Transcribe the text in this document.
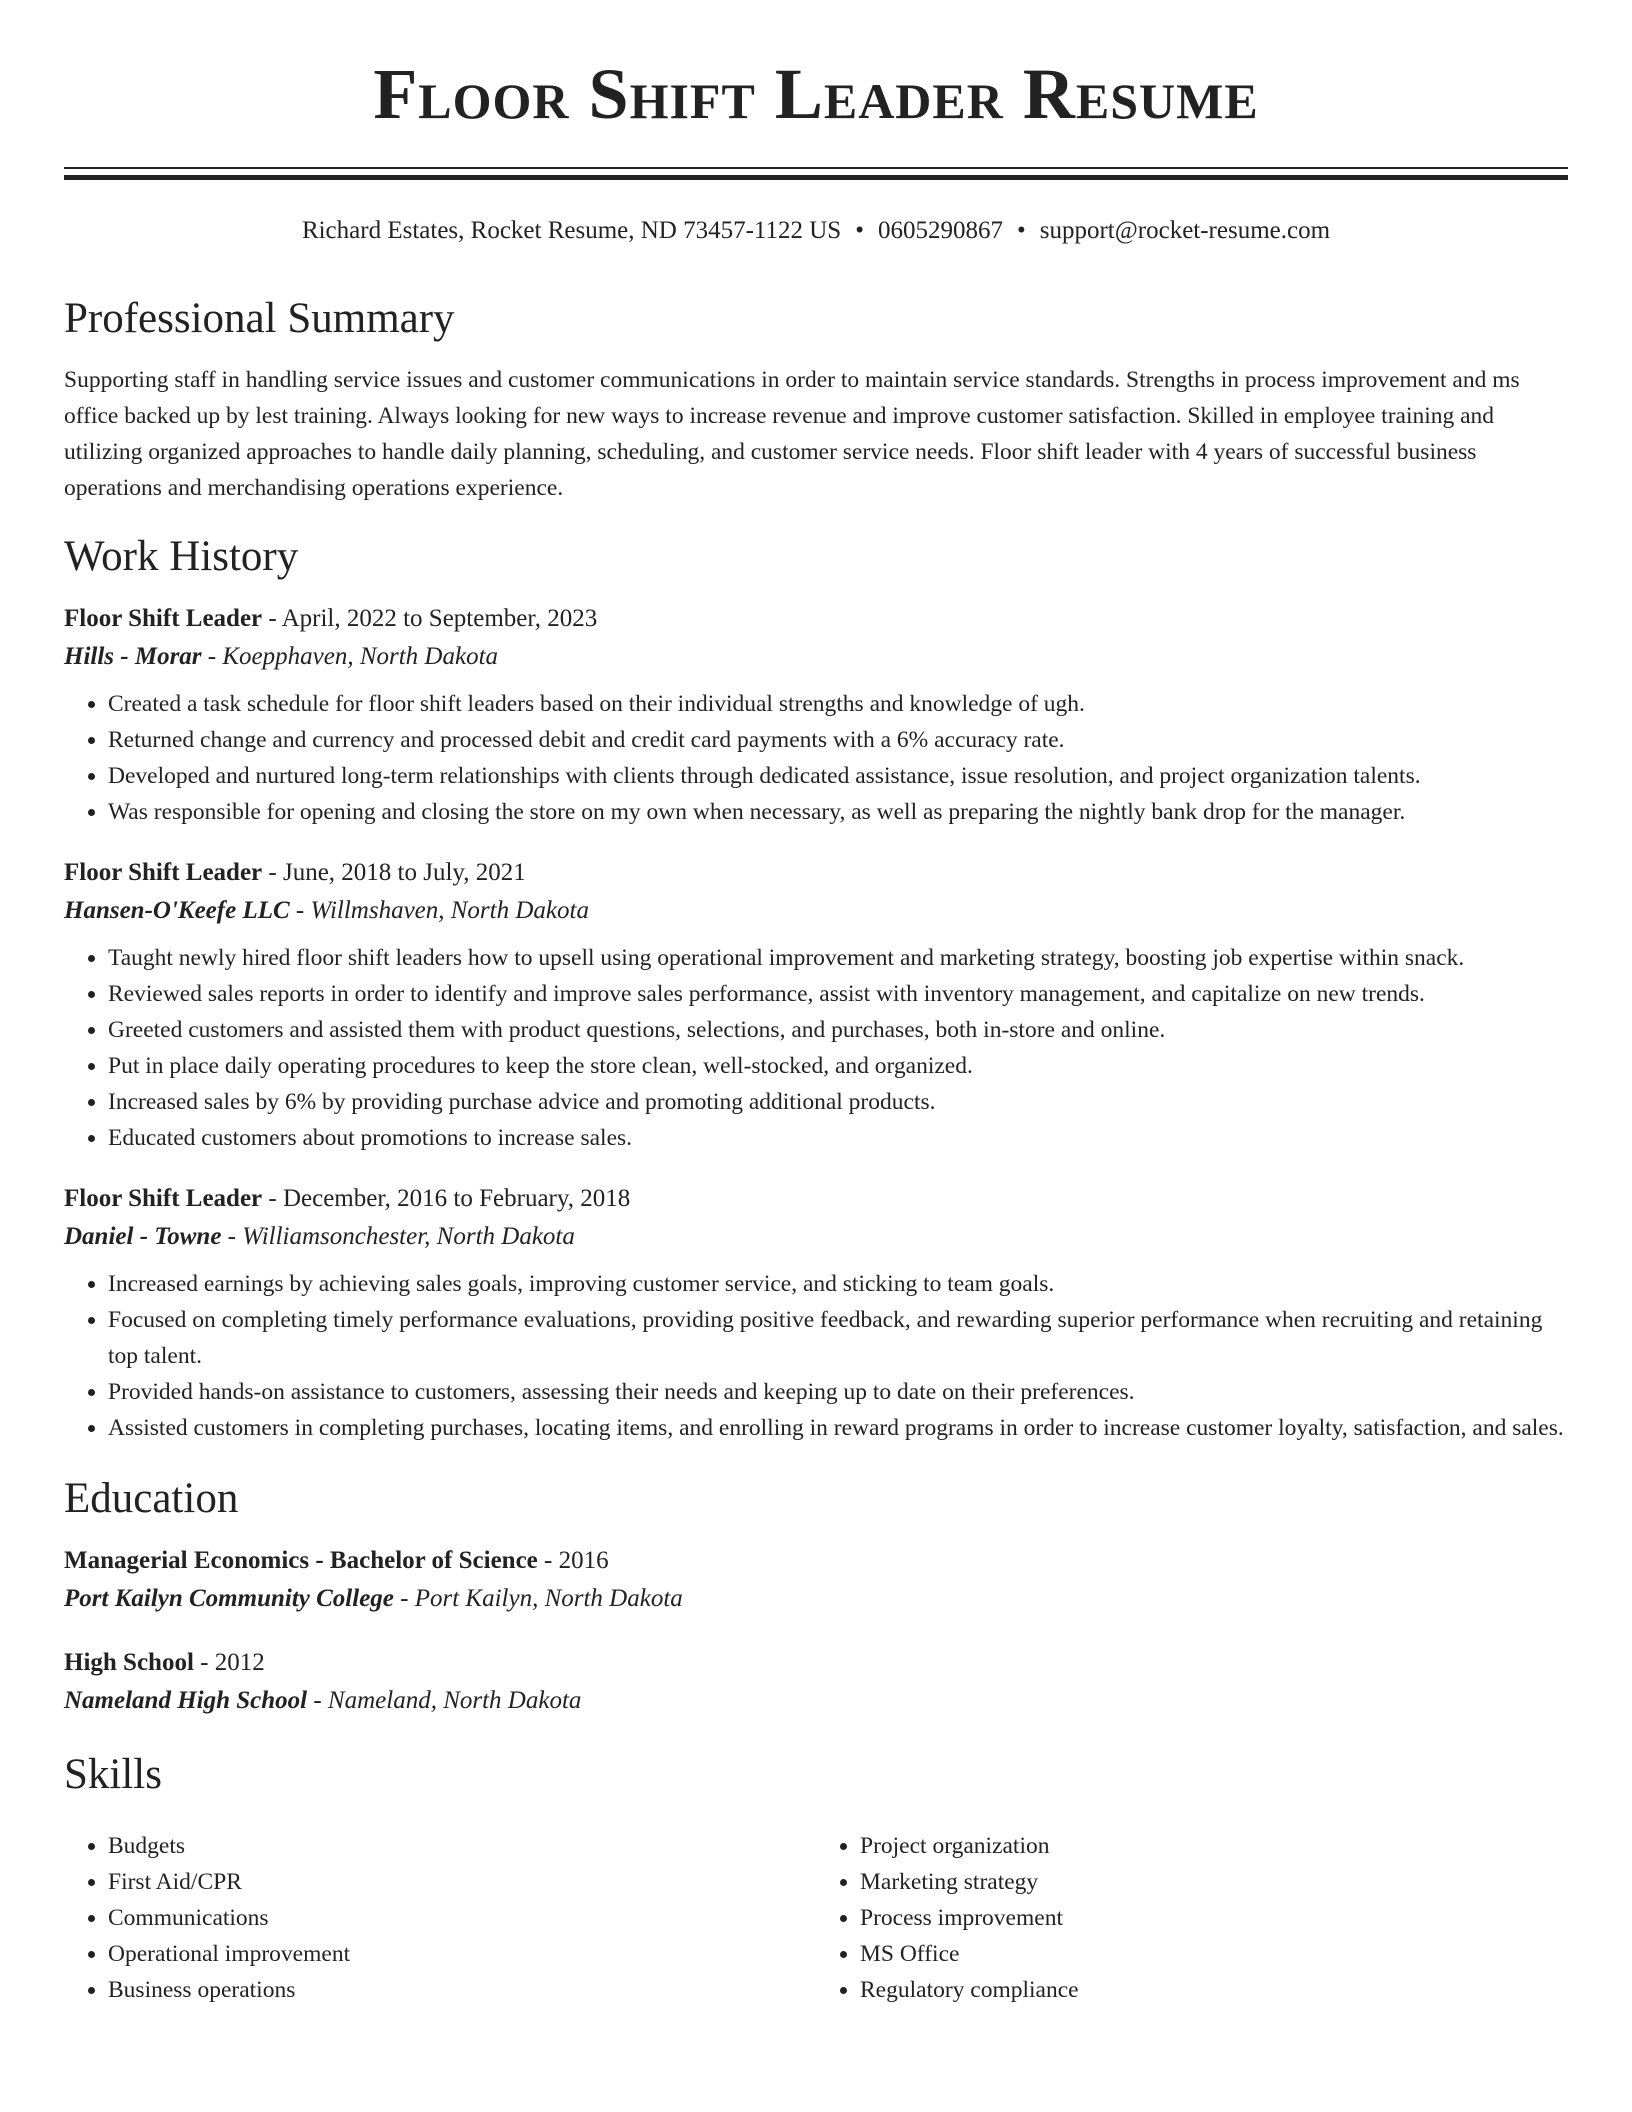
Floor Shift Leader Resume
Richard Estates, Rocket Resume, ND 73457-1122 US • 0605290867 • support@rocket-resume.com
Professional Summary

Supporting staff in handling service issues and customer communications in order to maintain service standards. Strengths in process improvement and ms office backed up by lest training. Always looking for new ways to increase revenue and improve customer satisfaction. Skilled in employee training and utilizing organized approaches to handle daily planning, scheduling, and customer service needs. Floor shift leader with 4 years of successful business operations and merchandising operations experience.

Work History
Floor Shift Leader - April, 2022 to September, 2023
Hills - Morar - Koepphaven, North Dakota
• Created a task schedule for floor shift leaders based on their individual strengths and knowledge of ugh.
• Returned change and currency and processed debit and credit card payments with a 6% accuracy rate.
• Developed and nurtured long-term relationships with clients through dedicated assistance, issue resolution, and project organization talents.
• Was responsible for opening and closing the store on my own when necessary, as well as preparing the nightly bank drop for the manager.
Floor Shift Leader - June, 2018 to July, 2021
Hansen-O'Keefe LLC - Willmshaven, North Dakota
• Taught newly hired floor shift leaders how to upsell using operational improvement and marketing strategy, boosting job expertise within snack.
• Reviewed sales reports in order to identify and improve sales performance, assist with inventory management, and capitalize on new trends.
• Greeted customers and assisted them with product questions, selections, and purchases, both in-store and online.
• Put in place daily operating procedures to keep the store clean, well-stocked, and organized.
• Increased sales by 6% by providing purchase advice and promoting additional products.
• Educated customers about promotions to increase sales.
Floor Shift Leader - December, 2016 to February, 2018
Daniel - Towne - Williamsonchester, North Dakota
• Increased earnings by achieving sales goals, improving customer service, and sticking to team goals.
• Focused on completing timely performance evaluations, providing positive feedback, and rewarding superior performance when recruiting and retaining top talent.
• Provided hands-on assistance to customers, assessing their needs and keeping up to date on their preferences.
• Assisted customers in completing purchases, locating items, and enrolling in reward programs in order to increase customer loyalty, satisfaction, and sales.
Education
Managerial Economics - Bachelor of Science - 2016
Port Kailyn Community College - Port Kailyn, North Dakota
High School - 2012
Nameland High School - Nameland, North Dakota
Skills
• Budgets
• First Aid/CPR
• Communications
• Operational improvement
• Business operations
• Project organization
• Marketing strategy
• Process improvement
• MS Office
• Regulatory compliance
